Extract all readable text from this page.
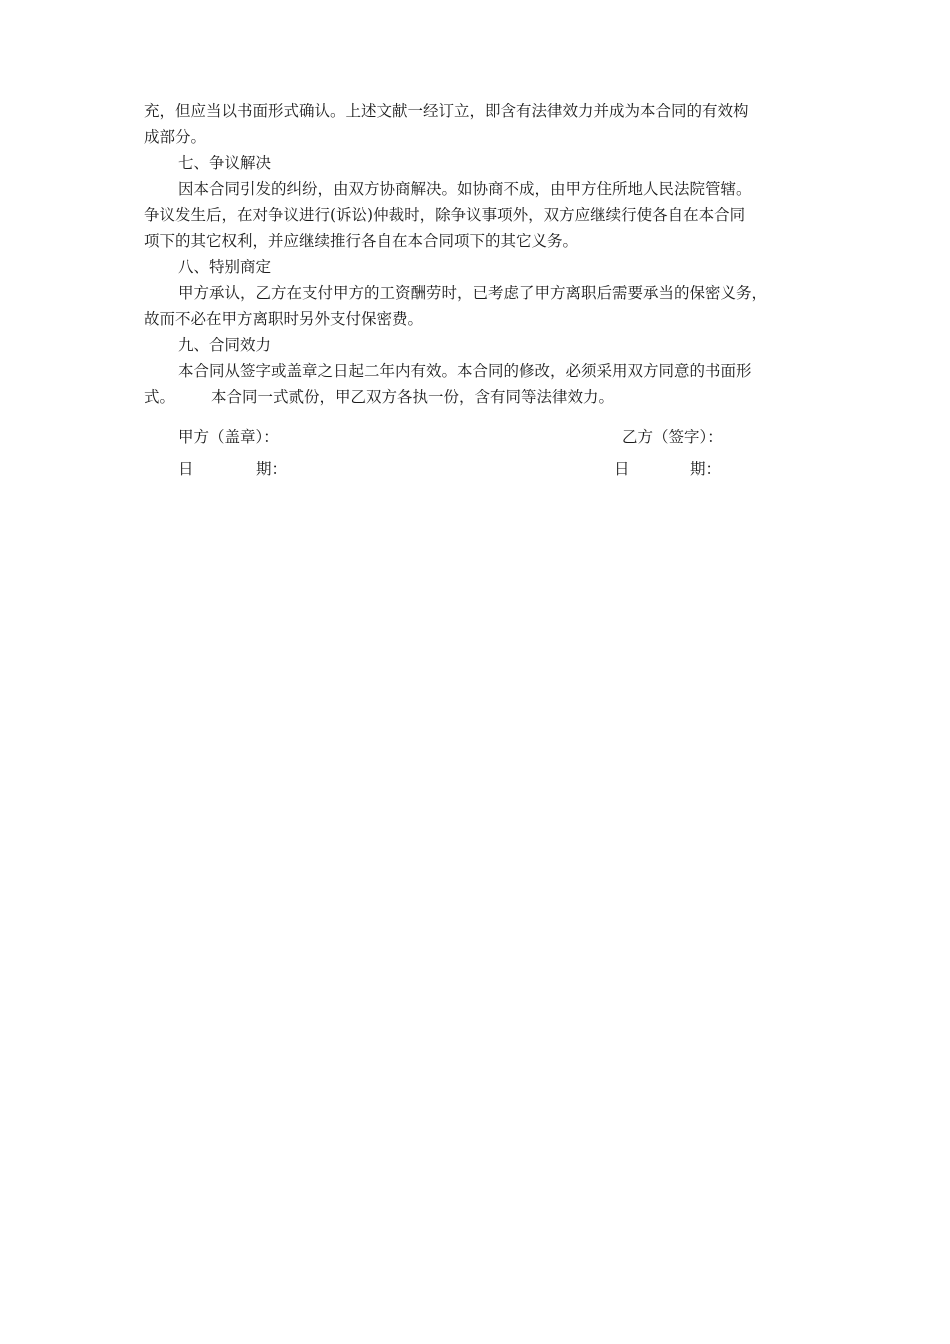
充，但应当以书面形式确认。上述文献一经订立，即含有法律效力并成为本合同的有效构

成部分。

七、争议解决

因本合同引发的纠纷，由双方协商解决。如协商不成，由甲方住所地人民法院管辖。

争议发生后，在对争议进行(诉讼)仲裁时，除争议事项外，双方应继续行使各自在本合同

项下的其它权利，并应继续推行各自在本合同项下的其它义务。

八、特别商定

甲方承认，乙方在支付甲方的工资酬劳时，已考虑了甲方离职后需要承当的保密义务，

故而不必在甲方离职时另外支付保密费。

九、合同效力

本合同从签字或盖章之日起二年内有效。本合同的修改，必须采用双方同意的书面形

式。 本合同一式贰份，甲乙双方各执一份，含有同等法律效力。

甲方（盖章）：	乙方（签字）：
日	期：	日	期：
